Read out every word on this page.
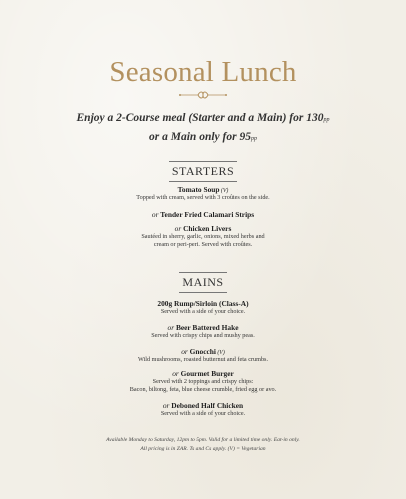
Seasonal Lunch
Enjoy a 2-Course meal (Starter and a Main) for 130pp
or a Main only for 95pp
STARTERS
Tomato Soup (V)
Topped with cream, served with 3 croûtes on the side.
or Tender Fried Calamari Strips
or Chicken Livers
Sautéed in sherry, garlic, onions, mixed herbs and
cream or peri-peri. Served with croûtes.
MAINS
200g Rump/Sirloin (Class-A)
Served with a side of your choice.
or Beer Battered Hake
Served with crispy chips and mushy peas.
or Gnocchi (V)
Wild mushrooms, roasted butternut and feta crumbs.
or Gourmet Burger
Served with 2 toppings and crispy chips:
Bacon, biltong, feta, blue cheese crumble, fried egg or avo.
or Deboned Half Chicken
Served with a side of your choice.
Available Monday to Saturday, 12pm to 5pm. Valid for a limited time only. Eat-in only.
All pricing is in ZAR. Ts and Cs apply. (V) = Vegetarian
